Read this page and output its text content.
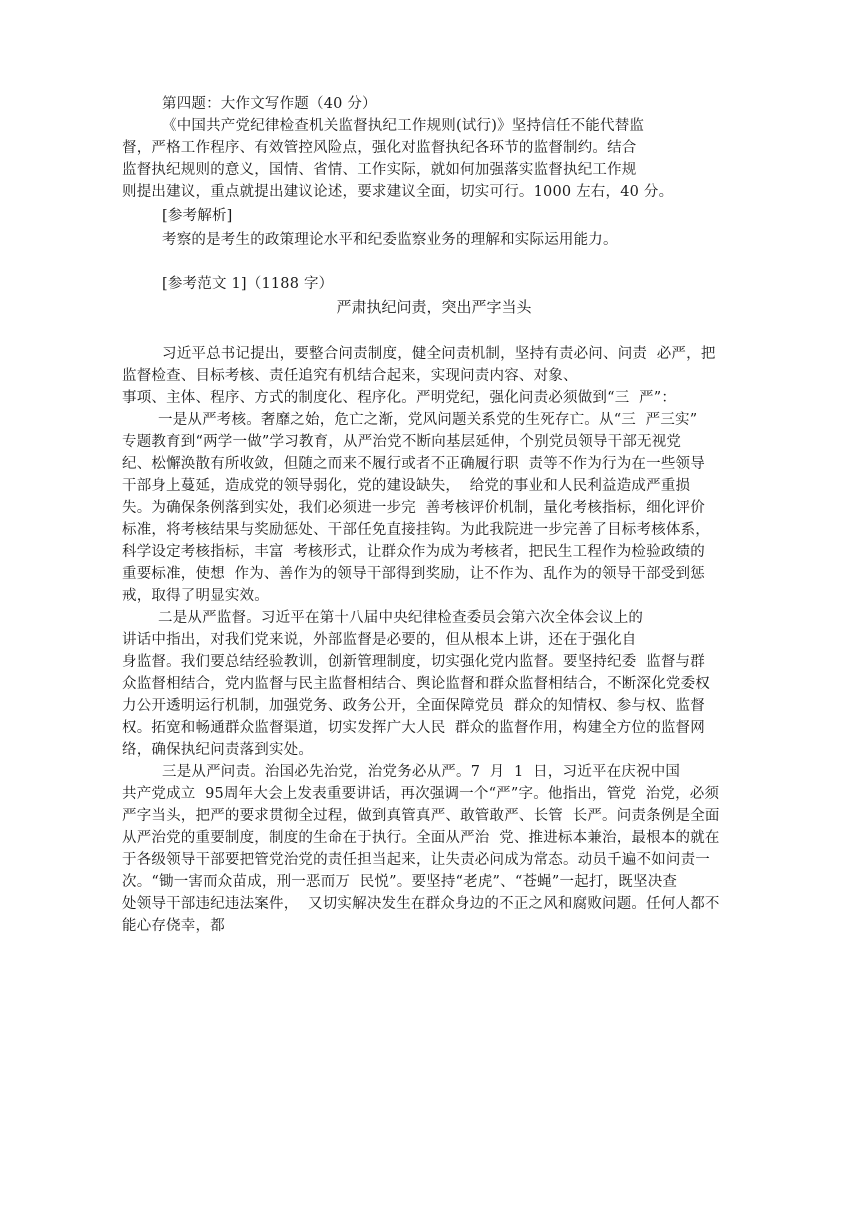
第四题：大作文写作题（40 分）
《中国共产党纪律检查机关监督执纪工作规则(试行)》坚持信任不能代替监
督，严格工作程序、有效管控风险点，强化对监督执纪各环节的监督制约。结合
监督执纪规则的意义，国情、省情、工作实际，就如何加强落实监督执纪工作规
则提出建议，重点就提出建议论述，要求建议全面，切实可行。1000 左右，40 分。
[参考解析]
考察的是考生的政策理论水平和纪委监察业务的理解和实际运用能力。
[参考范文 1]（1188 字）
严肃执纪问责，突出严字当头
习近平总书记提出，要整合问责制度，健全问责机制，坚持有责必问、问责  必严，把
监督检查、目标考核、责任追究有机结合起来，实现问责内容、对象、
事项、主体、程序、方式的制度化、程序化。严明党纪，强化问责必须做到“三  严”：
一是从严考核。奢靡之始，危亡之渐，党风问题关系党的生死存亡。从“三  严三实”
专题教育到“两学一做”学习教育，从严治党不断向基层延伸，个别党员领导干部无视党
纪、松懈涣散有所收敛，但随之而来不履行或者不正确履行职  责等不作为行为在一些领导
干部身上蔓延，造成党的领导弱化，党的建设缺失，  给党的事业和人民利益造成严重损
失。为确保条例落到实处，我们必须进一步完  善考核评价机制，量化考核指标，细化评价
标准，将考核结果与奖励惩处、干部任免直接挂钩。为此我院进一步完善了目标考核体系，
科学设定考核指标，丰富  考核形式，让群众作为成为考核者，把民生工程作为检验政绩的
重要标准，使想  作为、善作为的领导干部得到奖励，让不作为、乱作为的领导干部受到惩
戒，取得了明显实效。
二是从严监督。习近平在第十八届中央纪律检查委员会第六次全体会议上的
讲话中指出，对我们党来说，外部监督是必要的，但从根本上讲，还在于强化自
身监督。我们要总结经验教训，创新管理制度，切实强化党内监督。要坚持纪委  监督与群
众监督相结合，党内监督与民主监督相结合、舆论监督和群众监督相结合，不断深化党委权
力公开透明运行机制，加强党务、政务公开，全面保障党员  群众的知情权、参与权、监督
权。拓宽和畅通群众监督渠道，切实发挥广大人民  群众的监督作用，构建全方位的监督网
络，确保执纪问责落到实处。
三是从严问责。治国必先治党，治党务必从严。7  月  1  日，习近平在庆祝中国
共产党成立  95周年大会上发表重要讲话，再次强调一个“严”字。他指出，管党  治党，必须
严字当头，把严的要求贯彻全过程，做到真管真严、敢管敢严、长管  长严。问责条例是全面
从严治党的重要制度，制度的生命在于执行。全面从严治  党、推进标本兼治，最根本的就在
于各级领导干部要把管党治党的责任担当起来，让失责必问成为常态。动员千遍不如问责一
次。“锄一害而众苗成，刑一恶而万  民悦”。要坚持“老虎”、“苍蝇”一起打，既坚决查
处领导干部违纪违法案件，  又切实解决发生在群众身边的不正之风和腐败问题。任何人都不
能心存侥幸，都
